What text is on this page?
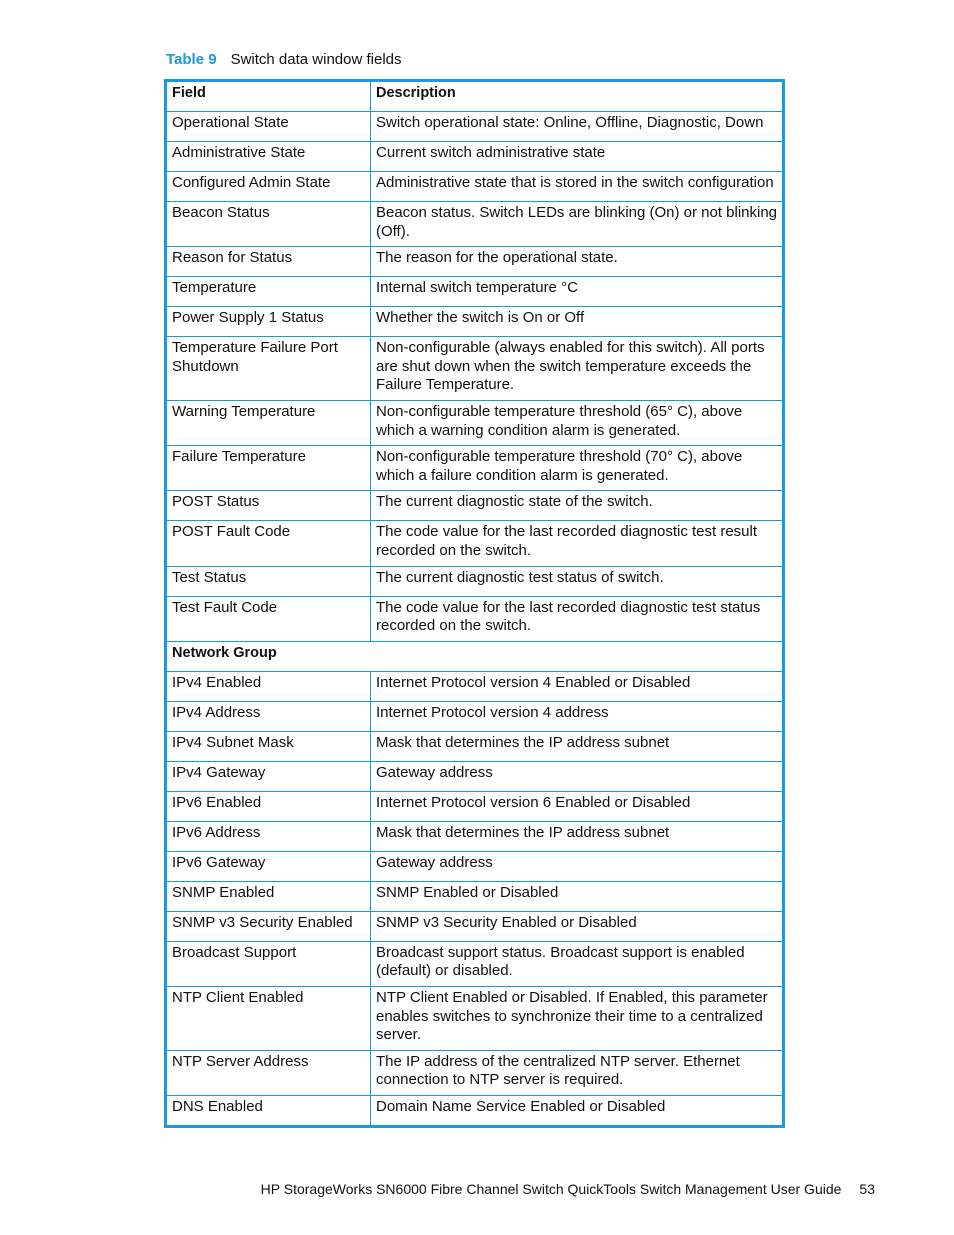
Table 9 Switch data window fields
Field	Description
Operational State	Switch operational state: Online, Offline, Diagnostic, Down
Administrative State	Current switch administrative state
Configured Admin State	Administrative state that is stored in the switch configuration
Beacon Status	Beacon status. Switch LEDs are blinking (On) or not blinking (Off).
Reason for Status	The reason for the operational state.
Temperature	Internal switch temperature °C
Power Supply 1 Status	Whether the switch is On or Off
Temperature Failure Port Shutdown	Non-configurable (always enabled for this switch). All ports are shut down when the switch temperature exceeds the Failure Temperature.
Warning Temperature	Non-configurable temperature threshold (65° C), above which a warning condition alarm is generated.
Failure Temperature	Non-configurable temperature threshold (70° C), above which a failure condition alarm is generated.
POST Status	The current diagnostic state of the switch.
POST Fault Code	The code value for the last recorded diagnostic test result recorded on the switch.
Test Status	The current diagnostic test status of switch.
Test Fault Code	The code value for the last recorded diagnostic test status recorded on the switch.
Network Group	
IPv4 Enabled	Internet Protocol version 4 Enabled or Disabled
IPv4 Address	Internet Protocol version 4 address
IPv4 Subnet Mask	Mask that determines the IP address subnet
IPv4 Gateway	Gateway address
IPv6 Enabled	Internet Protocol version 6 Enabled or Disabled
IPv6 Address	Mask that determines the IP address subnet
IPv6 Gateway	Gateway address
SNMP Enabled	SNMP Enabled or Disabled
SNMP v3 Security Enabled	SNMP v3 Security Enabled or Disabled
Broadcast Support	Broadcast support status. Broadcast support is enabled (default) or disabled.
NTP Client Enabled	NTP Client Enabled or Disabled. If Enabled, this parameter enables switches to synchronize their time to a centralized server.
NTP Server Address	The IP address of the centralized NTP server. Ethernet connection to NTP server is required.
DNS Enabled	Domain Name Service Enabled or Disabled
HP StorageWorks SN6000 Fibre Channel Switch QuickTools Switch Management User Guide 53
